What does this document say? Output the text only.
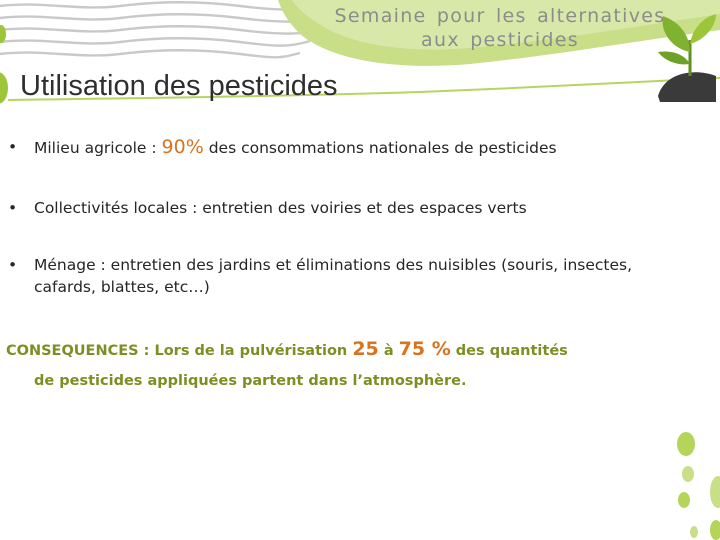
Semaine pour les alternatives
aux pesticides
Utilisation des pesticides
• Milieu agricole : 90% des consommations nationales de pesticides
• Collectivités locales : entretien des voiries et des espaces verts
• Ménage : entretien des jardins et éliminations des nuisibles (souris, insectes, cafards, blattes, etc…)
CONSEQUENCES : Lors de la pulvérisation 25 à 75 % des quantités
de pesticides appliquées partent dans l’atmosphère.
